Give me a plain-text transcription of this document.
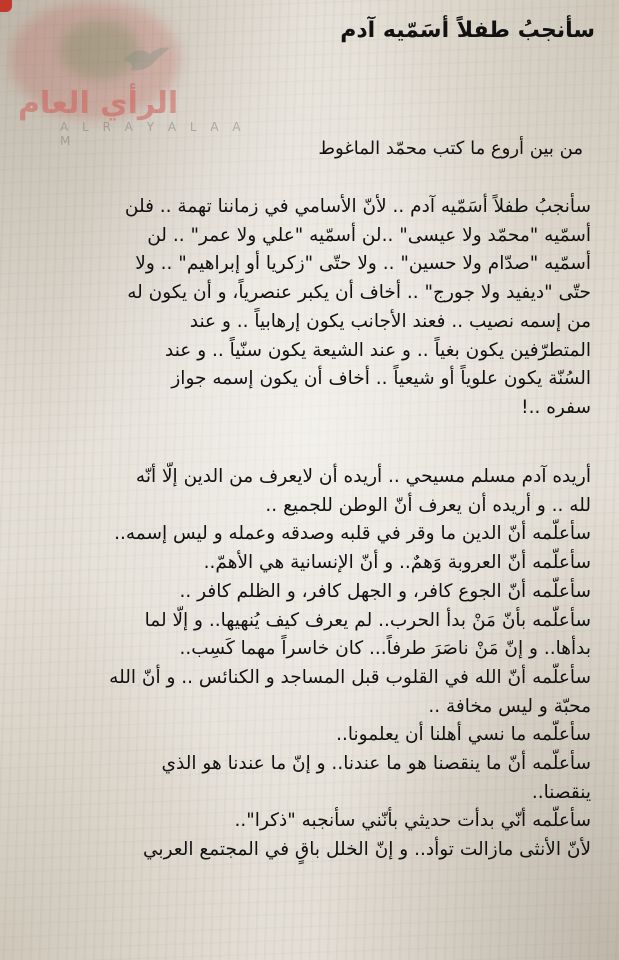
الرأي العام
A L R A Y A L A A M
سأنجبُ طفلاً أسَمّيه آدم
من بين أروع ما كتب محمّد الماغوط
سأنجبُ طفلاً أسَمّيه آدم .. لأنّ الأسامي في زماننا تهمة .. فلن
أسمّيه "محمّد ولا عيسى" ..لن أسمّيه "علي ولا عمر" .. لن
أسمّيه "صدّام ولا حسين" .. ولا حتّى "زكريا أو إبراهيم" .. ولا
حتّى "ديفيد ولا جورج" .. أخاف أن يكبر عنصرياً، و أن يكون له
من إسمه نصيب .. فعند الأجانب يكون إرهابياً .. و عند
المتطرّفين يكون بغياً .. و عند الشيعة يكون سنّياً .. و عند
السُنّة يكون علوياً أو شيعياً .. أخاف أن يكون إسمه جواز
سفره ..!
أريده آدم مسلم مسيحي .. أريده أن لايعرف من الدين إلّا أنّه
لله .. و أريده أن يعرف أنّ الوطن للجميع ..
سأعلّمه أنّ الدين ما وقر في قلبه وصدقه وعمله و ليس إسمه..
سأعلّمه أنّ العروبة وَهمٌ.. و أنّ الإنسانية هي الأهمّ..
سأعلّمه أنّ الجوع كافر، و الجهل كافر، و الظلم كافر ..
سأعلّمه بأنّ مَنْ بدأ الحرب.. لم يعرف كيف يُنهيها.. و إلّا لما
بدأها.. و إنّ مَنْ ناصَرَ طرفاً... كان خاسراً مهما كَسِب..
سأعلّمه أنّ الله في القلوب قبل المساجد و الكنائس .. و أنّ الله
محبّة و ليس مخافة ..
سأعلّمه ما نسي أهلنا أن يعلمونا..
سأعلّمه أنّ ما ينقصنا هو ما عندنا.. و إنّ ما عندنا هو الذي
ينقصنا..
سأعلّمه أنّي بدأت حديثي بأنّني سأنجبه "ذكرا"..
لأنّ الأنثى مازالت توأد.. و إنّ الخلل باقٍ في المجتمع العربي
